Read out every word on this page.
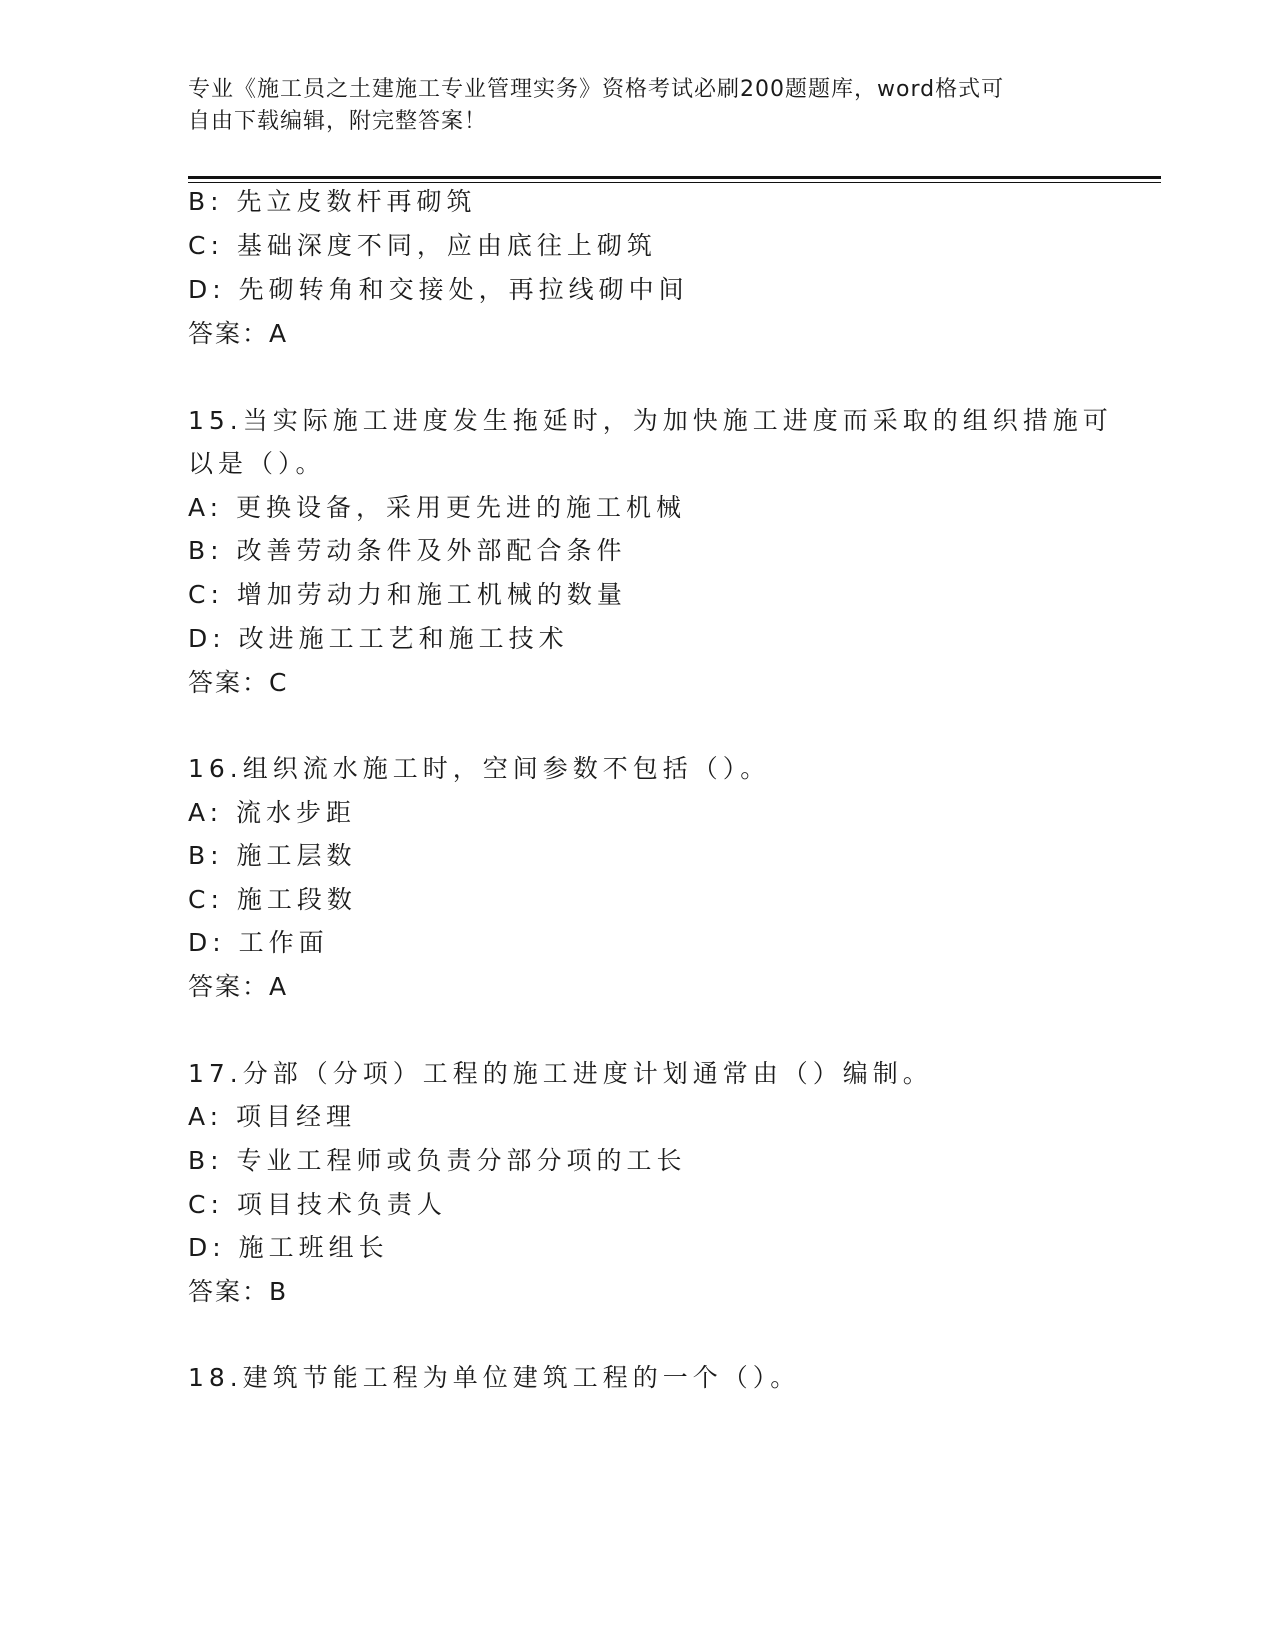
专业《施工员之土建施工专业管理实务》资格考试必刷200题题库，word格式可
自由下载编辑，附完整答案！
B: 先立皮数杆再砌筑
C: 基础深度不同，应由底往上砌筑
D: 先砌转角和交接处，再拉线砌中间
答案：A
15.当实际施工进度发生拖延时，为加快施工进度而采取的组织措施可
以是（）。
A: 更换设备，采用更先进的施工机械
B: 改善劳动条件及外部配合条件
C: 增加劳动力和施工机械的数量
D: 改进施工工艺和施工技术
答案：C
16.组织流水施工时，空间参数不包括（）。
A: 流水步距
B: 施工层数
C: 施工段数
D: 工作面
答案：A
17.分部（分项）工程的施工进度计划通常由（）编制。
A: 项目经理
B: 专业工程师或负责分部分项的工长
C: 项目技术负责人
D: 施工班组长
答案：B
18.建筑节能工程为单位建筑工程的一个（）。
